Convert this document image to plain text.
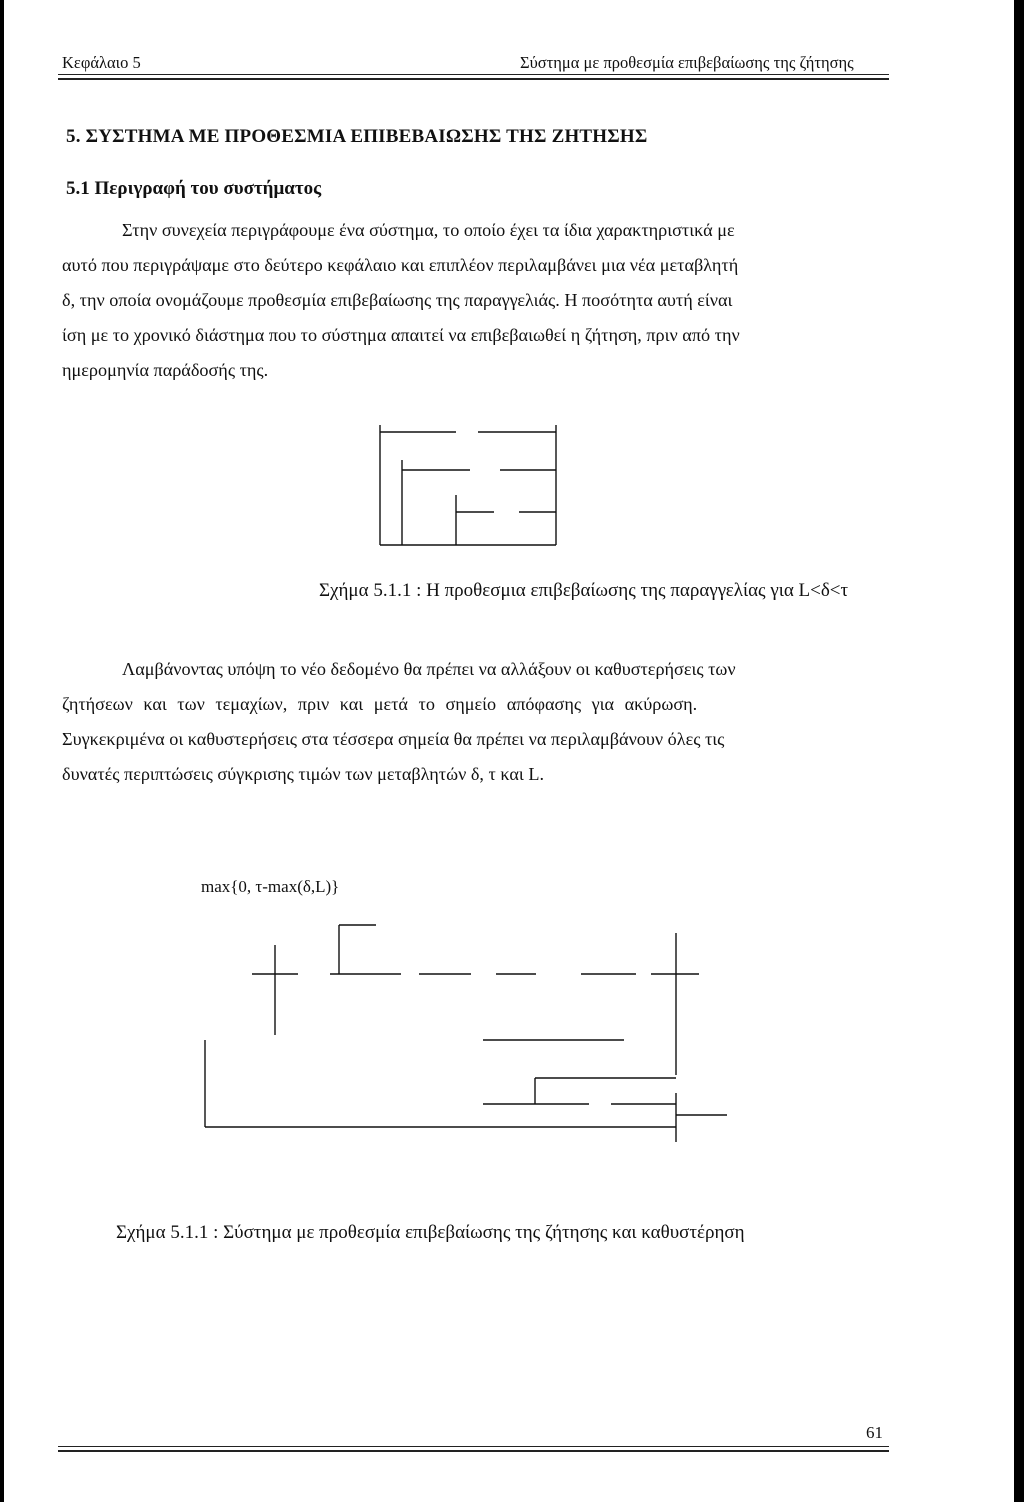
Κεφάλαιο 5	Σύστημα με προθεσμία επιβεβαίωσης της ζήτησης
5. ΣΥΣΤΗΜΑ ΜΕ ΠΡΟΘΕΣΜΙΑ ΕΠΙΒΕΒΑΙΩΣΗΣ ΤΗΣ ΖΗΤΗΣΗΣ
5.1 Περιγραφή του συστήματος
Στην συνεχεία περιγράφουμε ένα σύστημα, το οποίο έχει τα ίδια χαρακτηριστικά με
αυτό που περιγράψαμε στο δεύτερο κεφάλαιο και επιπλέον περιλαμβάνει μια νέα μεταβλητή
δ, την οποία ονομάζουμε προθεσμία επιβεβαίωσης της παραγγελιάς. Η ποσότητα αυτή είναι
ίση με το χρονικό διάστημα που το σύστημα απαιτεί να επιβεβαιωθεί η ζήτηση, πριν από την
ημερομηνία παράδοσής της.
Σχήμα 5.1.1 : Η προθεσμια επιβεβαίωσης της παραγγελίας για L<δ<τ
Λαμβάνοντας υπόψη το νέο δεδομένο θα πρέπει να αλλάξουν οι καθυστερήσεις των
ζητήσεων και των τεμαχίων, πριν και μετά το σημείο απόφασης για ακύρωση.
Συγκεκριμένα οι καθυστερήσεις στα τέσσερα σημεία θα πρέπει να περιλαμβάνουν όλες τις
δυνατές περιπτώσεις σύγκρισης τιμών των μεταβλητών δ, τ και L.
max{0, τ-max(δ,L)}
Σχήμα 5.1.1 : Σύστημα με προθεσμία επιβεβαίωσης της ζήτησης και καθυστέρηση
61
